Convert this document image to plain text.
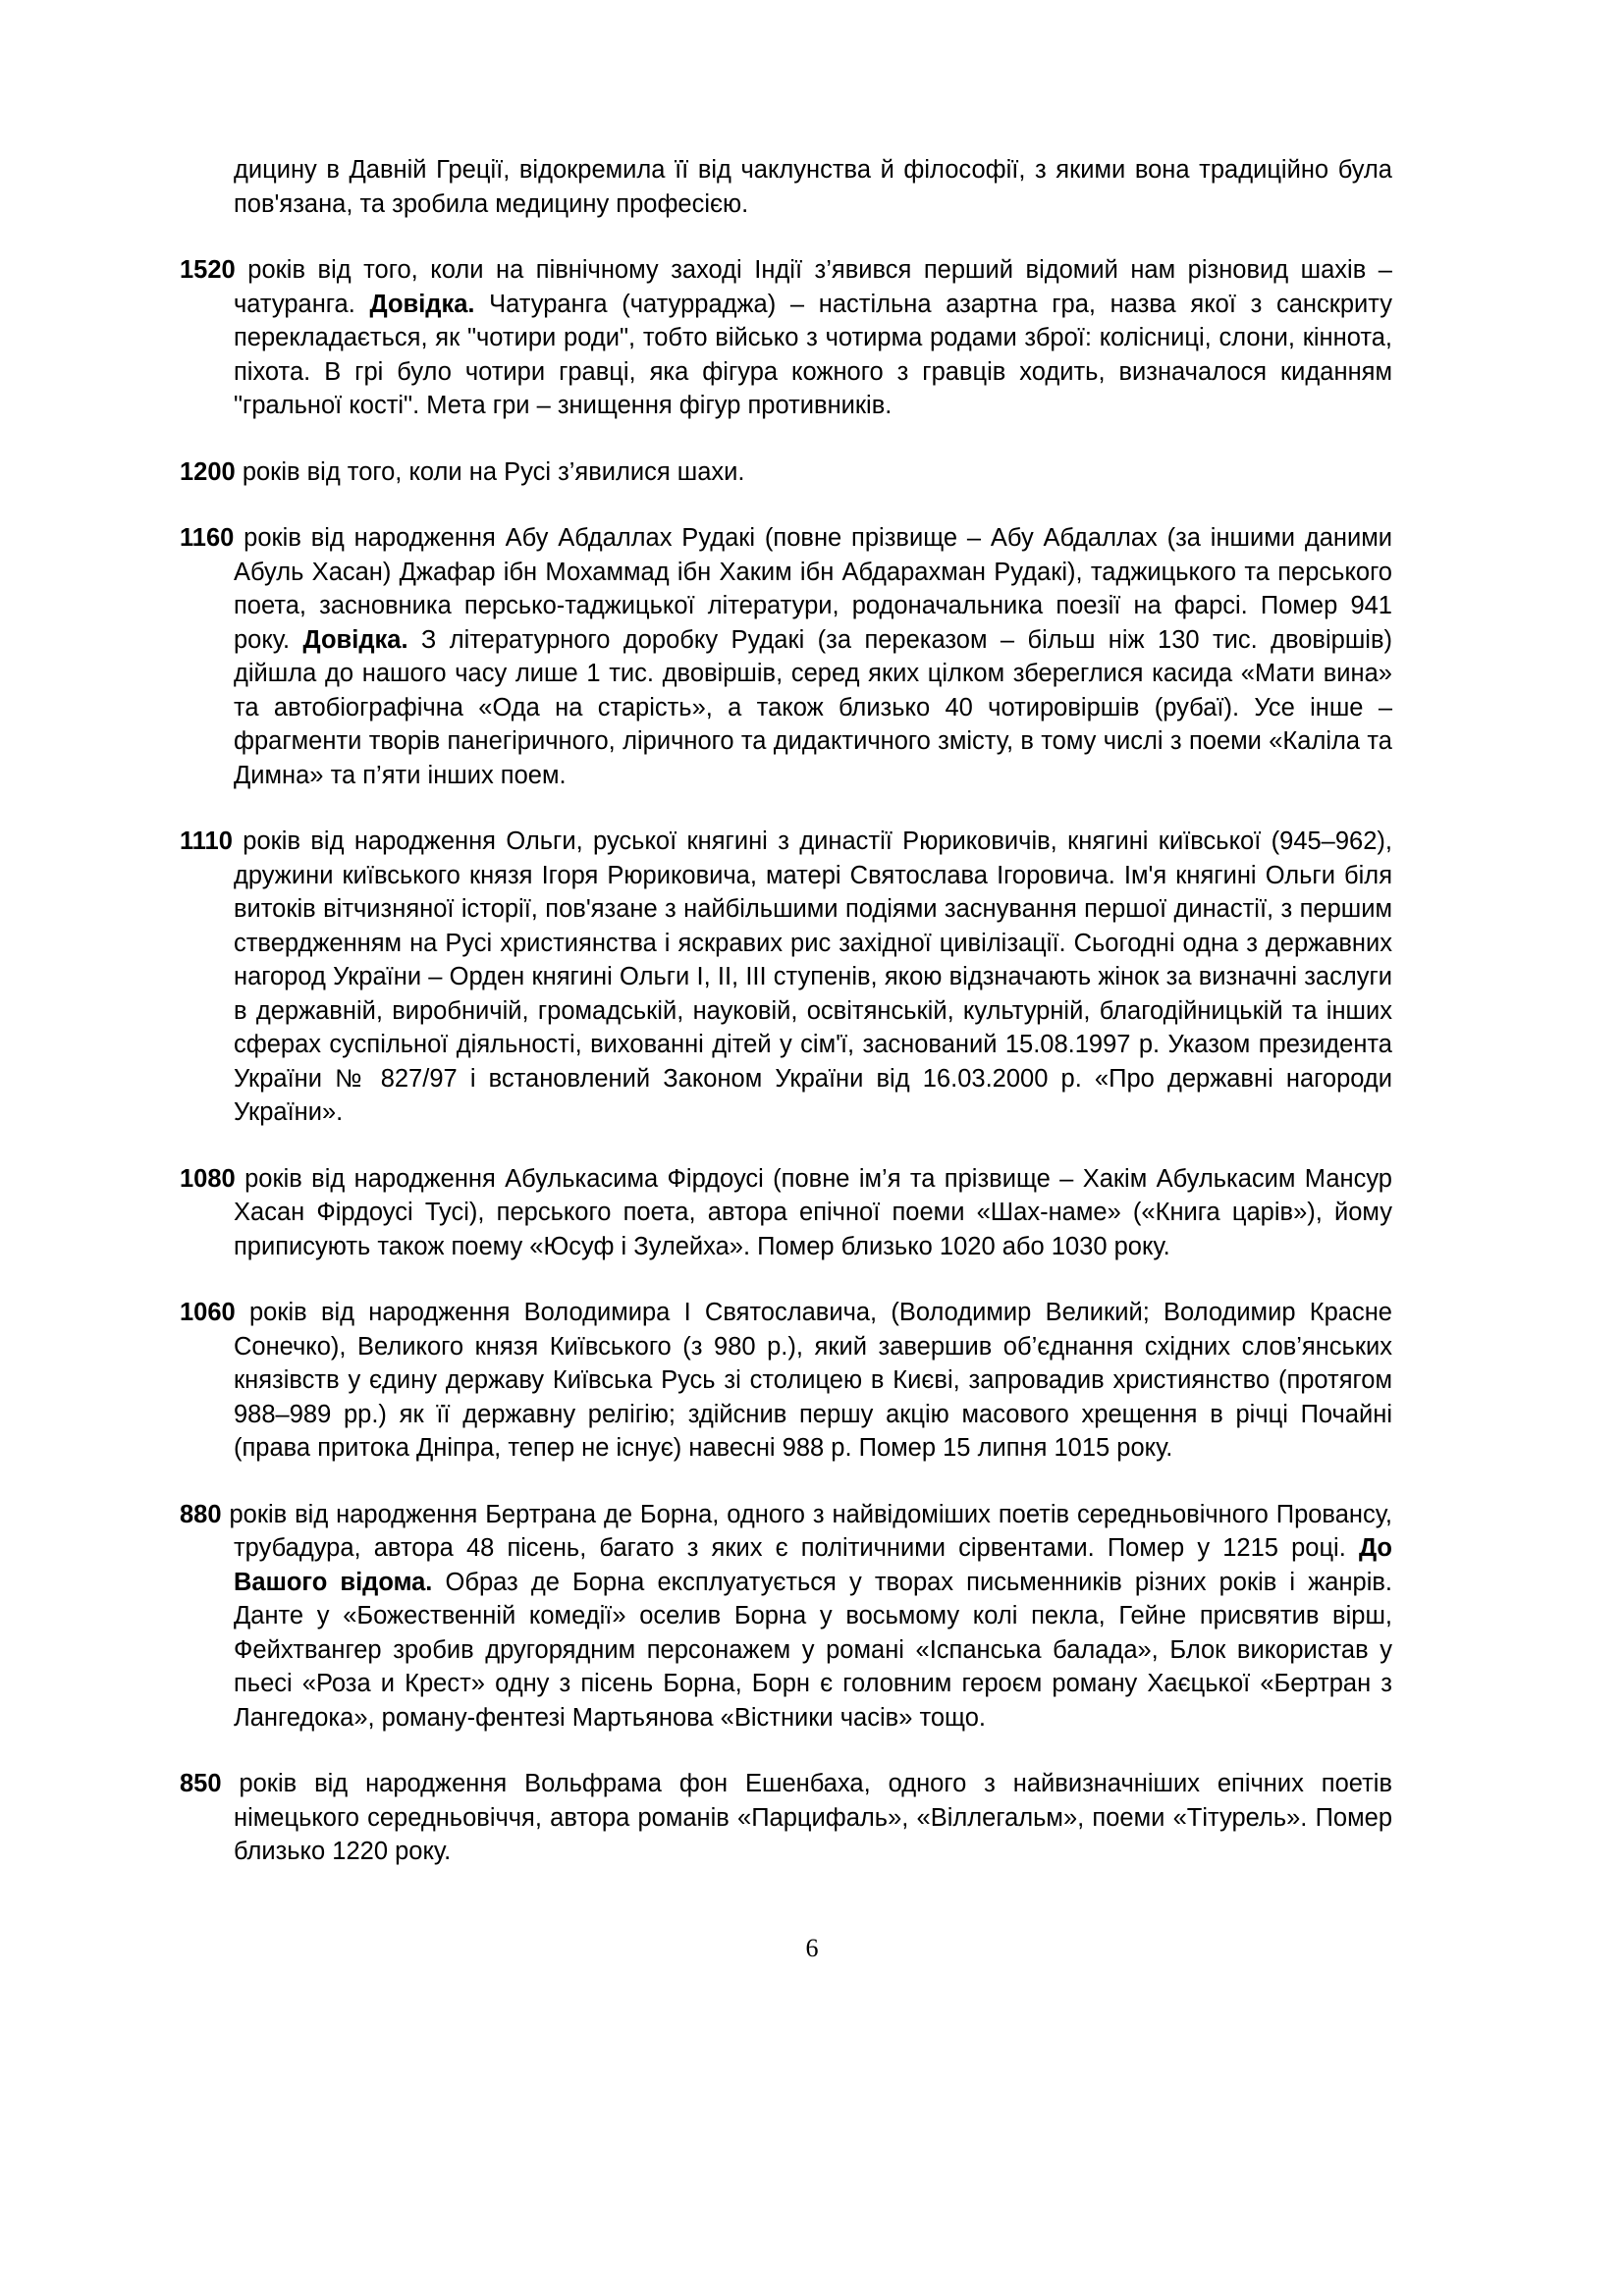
дицину в Давній Греції, відокремила її від чаклунства й філософії, з якими вона традиційно була пов'язана, та зробила медицину професією.

1520 років від того, коли на північному заході Індії з’явився перший відомий нам різновид шахів – чатуранга. Довідка. Чатуранга (чатурраджа) – настільна азартна гра, назва якої з санскриту перекладається, як "чотири роди", тобто військо з чотирма родами зброї: колісниці, слони, кіннота, піхота. В грі було чотири гравці, яка фігура кожного з гравців ходить, визначалося киданням "гральної кості". Мета гри – знищення фігур противників.

1200 років від того, коли на Русі з’явилися шахи.

1160 років від народження Абу Абдаллах Рудакі (повне прізвище – Абу Абдаллах (за іншими даними Абуль Хасан) Джафар ібн Мохаммад ібн Хаким ібн Абдарахман Рудакі), таджицького та перського поета, засновника персько-таджицької літератури, родоначальника поезії на фарсі. Помер 941 року. Довідка. З літературного доробку Рудакі (за переказом – більш ніж 130 тис. двовіршів) дійшла до нашого часу лише 1 тис. двовіршів, серед яких цілком збереглися касида «Мати вина» та автобіографічна «Ода на старість», а також близько 40 чотировіршів (рубаї). Усе інше – фрагменти творів панегіричного, ліричного та дидактичного змісту, в тому числі з поеми «Каліла та Димна» та п’яти інших поем.

1110 років від народження Ольги, руської княгині з династії Рюриковичів, княгині київської (945–962), дружини київського князя Ігоря Рюриковича, матері Святослава Ігоровича. Ім'я княгині Ольги біля витоків вітчизняної історії, пов'язане з найбільшими подіями заснування першої династії, з першим ствердженням на Русі християнства і яскравих рис західної цивілізації. Сьогодні одна з державних нагород України – Орден княгині Ольги I, II, III ступенів, якою відзначають жінок за визначні заслуги в державній, виробничій, громадській, науковій, освітянській, культурній, благодійницькій та інших сферах суспільної діяльності, вихованні дітей у сім'ї, заснований 15.08.1997 р. Указом президента України № 827/97 і встановлений Законом України від 16.03.2000 р. «Про державні нагороди України».

1080 років від народження Абулькасима Фірдоусі (повне ім’я та прізвище – Хакім Абулькасим Мансур Хасан Фірдоусі Тусі), перського поета, автора епічної поеми «Шах-наме» («Книга царів»), йому приписують також поему «Юсуф і Зулейха». Помер близько 1020 або 1030 року.

1060 років від народження Володимира I Святославича, (Володимир Великий; Володимир Красне Сонечко), Великого князя Київського (з 980 р.), який завершив об’єднання східних слов’янських князівств у єдину державу Київська Русь зі столицею в Києві, запровадив християнство (протягом 988–989 рр.) як її державну релігію; здійснив першу акцію масового хрещення в річці Почайні (права притока Дніпра, тепер не існує) навесні 988 р. Помер 15 липня 1015 року.

880 років від народження Бертрана де Борна, одного з найвідоміших поетів середньовічного Провансу, трубадура, автора 48 пісень, багато з яких є політичними сірвентами. Помер у 1215 році. До Вашого відома. Образ де Борна експлуатується у творах письменників різних років і жанрів. Данте у «Божественній комедії» оселив Борна у восьмому колі пекла, Гейне присвятив вірш, Фейхтвангер зробив другорядним персонажем у романі «Іспанська балада», Блок використав у пьесі «Роза и Крест» одну з пісень Борна, Борн є головним героєм роману Хаєцької «Бертран з Лангедока», роману-фентезі Мартьянова «Вістники часів» тощо.

850 років від народження Вольфрама фон Ешенбаха, одного з найвизначніших епічних поетів німецького середньовіччя, автора романів «Парцифаль», «Віллегальм», поеми «Тітурель». Помер близько 1220 року.

6
